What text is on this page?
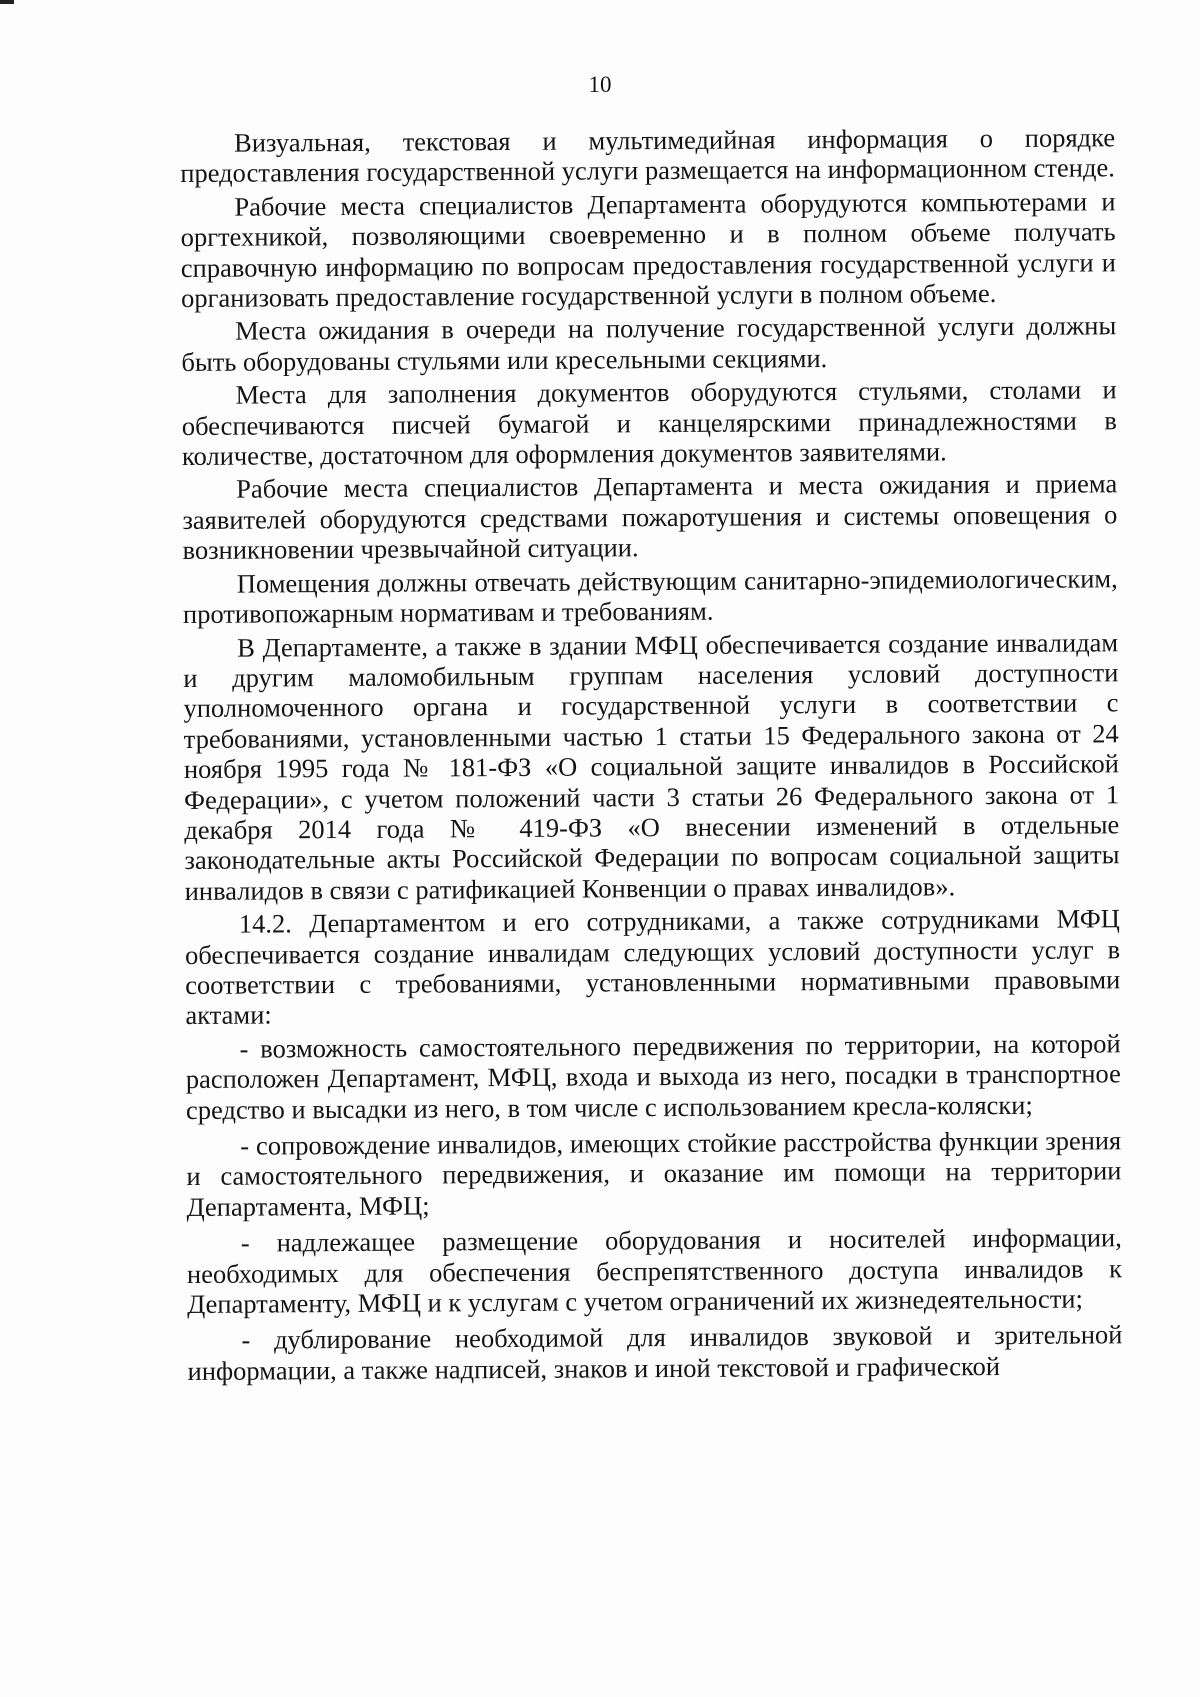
10

Визуальная, текстовая и мультимедийная информация о порядке предоставления государственной услуги размещается на информационном стенде.

Рабочие места специалистов Департамента оборудуются компьютерами и оргтехникой, позволяющими своевременно и в полном объеме получать справочную информацию по вопросам предоставления государственной услуги и организовать предоставление государственной услуги в полном объеме.

Места ожидания в очереди на получение государственной услуги должны быть оборудованы стульями или кресельными секциями.

Места для заполнения документов оборудуются стульями, столами и обеспечиваются писчей бумагой и канцелярскими принадлежностями в количестве, достаточном для оформления документов заявителями.

Рабочие места специалистов Департамента и места ожидания и приема заявителей оборудуются средствами пожаротушения и системы оповещения о возникновении чрезвычайной ситуации.

Помещения должны отвечать действующим санитарно-эпидемиологическим, противопожарным нормативам и требованиям.

В Департаменте, а также в здании МФЦ обеспечивается создание инвалидам и другим маломобильным группам населения условий доступности уполномоченного органа и государственной услуги в соответствии с требованиями, установленными частью 1 статьи 15 Федерального закона от 24 ноября 1995 года № 181-ФЗ «О социальной защите инвалидов в Российской Федерации», с учетом положений части 3 статьи 26 Федерального закона от 1 декабря 2014 года № 419-ФЗ «О внесении изменений в отдельные законодательные акты Российской Федерации по вопросам социальной защиты инвалидов в связи с ратификацией Конвенции о правах инвалидов».

14.2. Департаментом и его сотрудниками, а также сотрудниками МФЦ обеспечивается создание инвалидам следующих условий доступности услуг в соответствии с требованиями, установленными нормативными правовыми актами:

- возможность самостоятельного передвижения по территории, на которой расположен Департамент, МФЦ, входа и выхода из него, посадки в транспортное средство и высадки из него, в том числе с использованием кресла-коляски;

- сопровождение инвалидов, имеющих стойкие расстройства функции зрения и самостоятельного передвижения, и оказание им помощи на территории Департамента, МФЦ;

- надлежащее размещение оборудования и носителей информации, необходимых для обеспечения беспрепятственного доступа инвалидов к Департаменту, МФЦ и к услугам с учетом ограничений их жизнедеятельности;

- дублирование необходимой для инвалидов звуковой и зрительной информации, а также надписей, знаков и иной текстовой и графической
